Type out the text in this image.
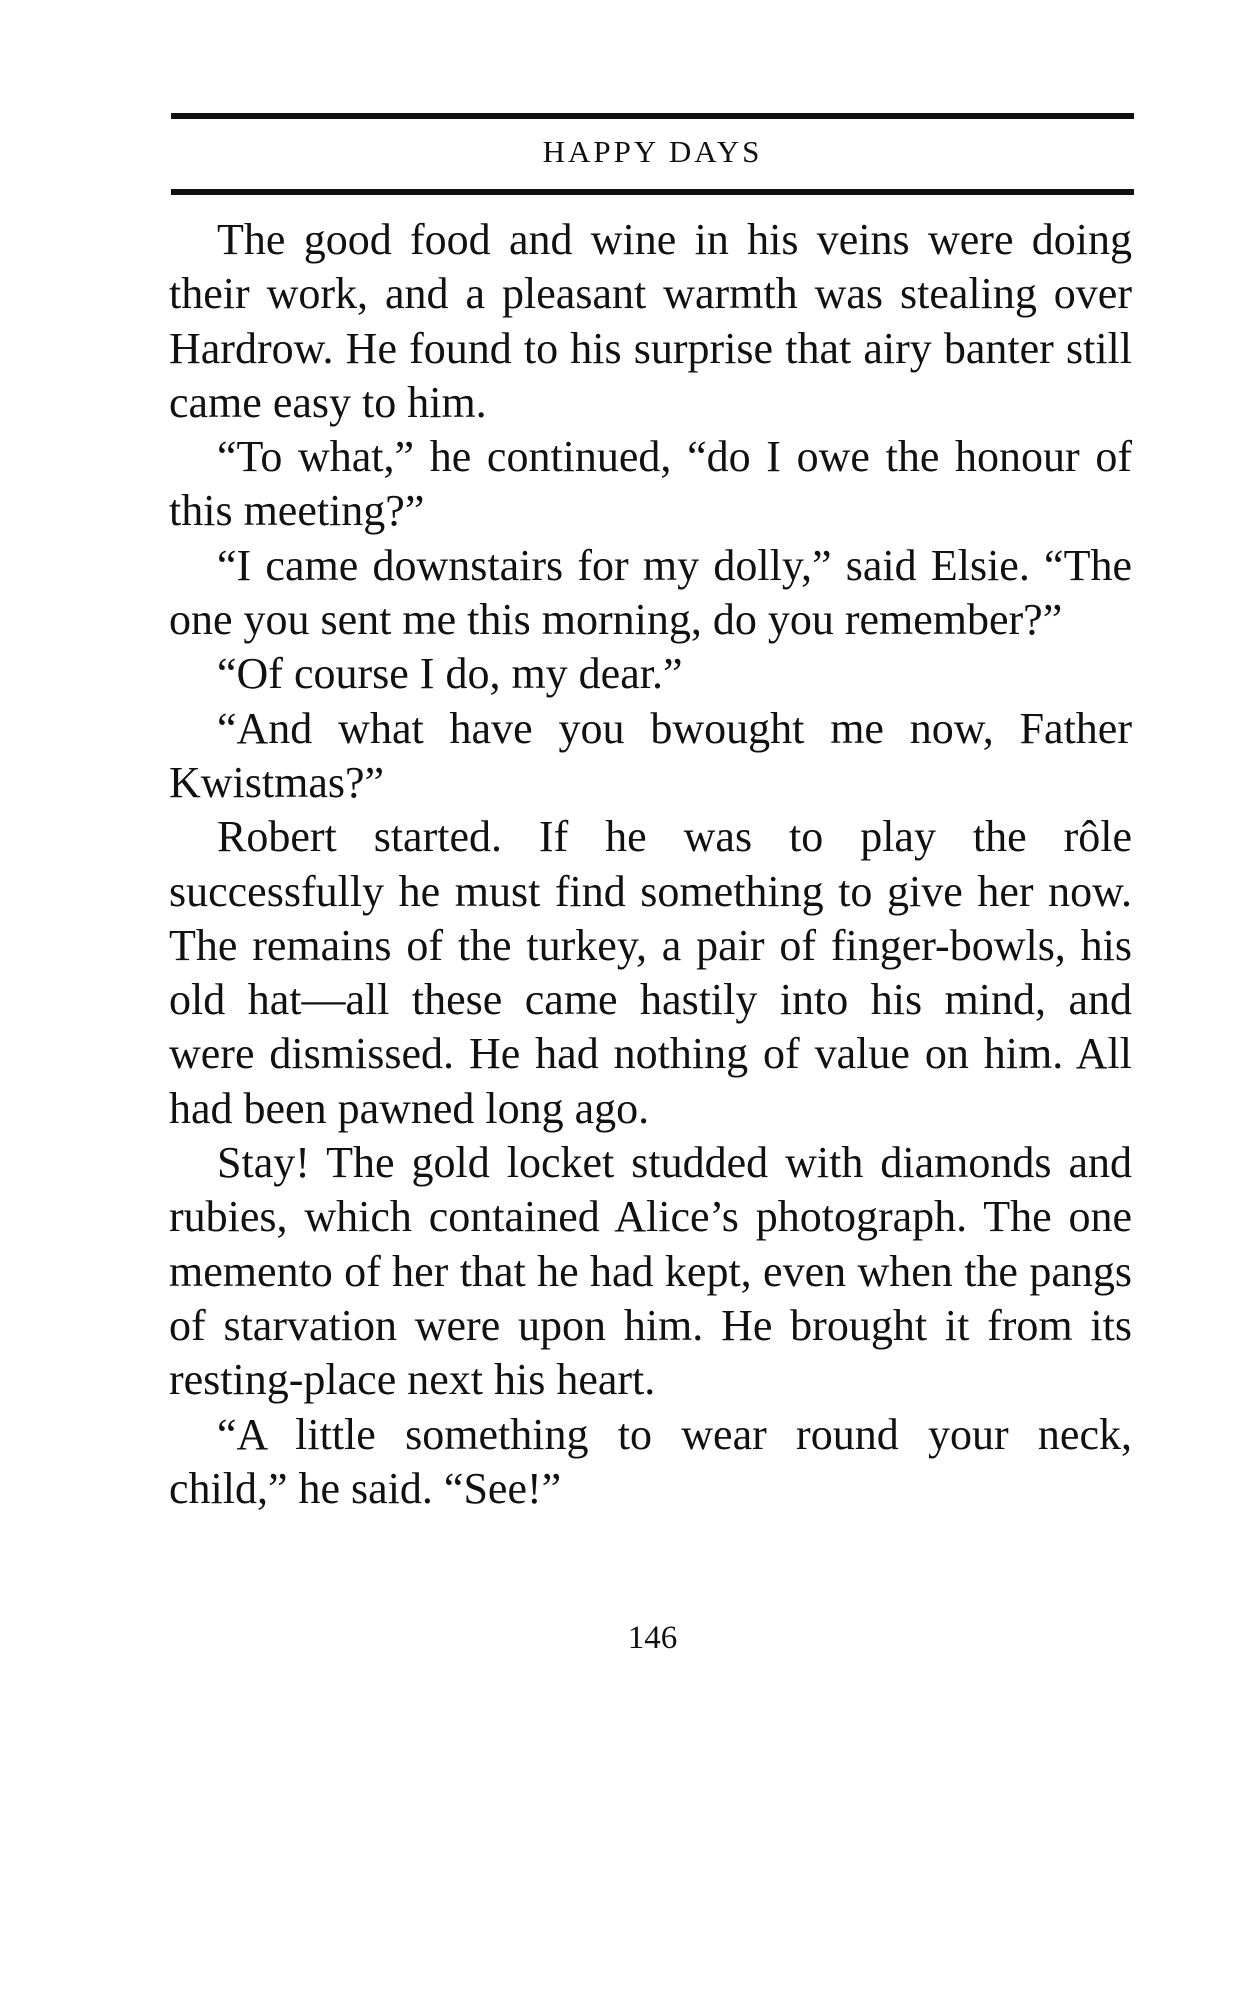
HAPPY DAYS

The good food and wine in his veins were doing their work, and a pleasant warmth was stealing over Hardrow. He found to his surprise that airy banter still came easy to him.

“To what,” he continued, “do I owe the honour of this meeting?”

“I came downstairs for my dolly,” said Elsie. “The one you sent me this morning, do you remember?”

“Of course I do, my dear.”

“And what have you bwought me now, Father Kwistmas?”

Robert started. If he was to play the rôle successfully he must find something to give her now. The remains of the turkey, a pair of finger-bowls, his old hat—all these came hastily into his mind, and were dismissed. He had nothing of value on him. All had been pawned long ago.

Stay! The gold locket studded with diamonds and rubies, which contained Alice’s photograph. The one memento of her that he had kept, even when the pangs of starvation were upon him. He brought it from its resting-place next his heart.

“A little something to wear round your neck, child,” he said. “See!”

146
